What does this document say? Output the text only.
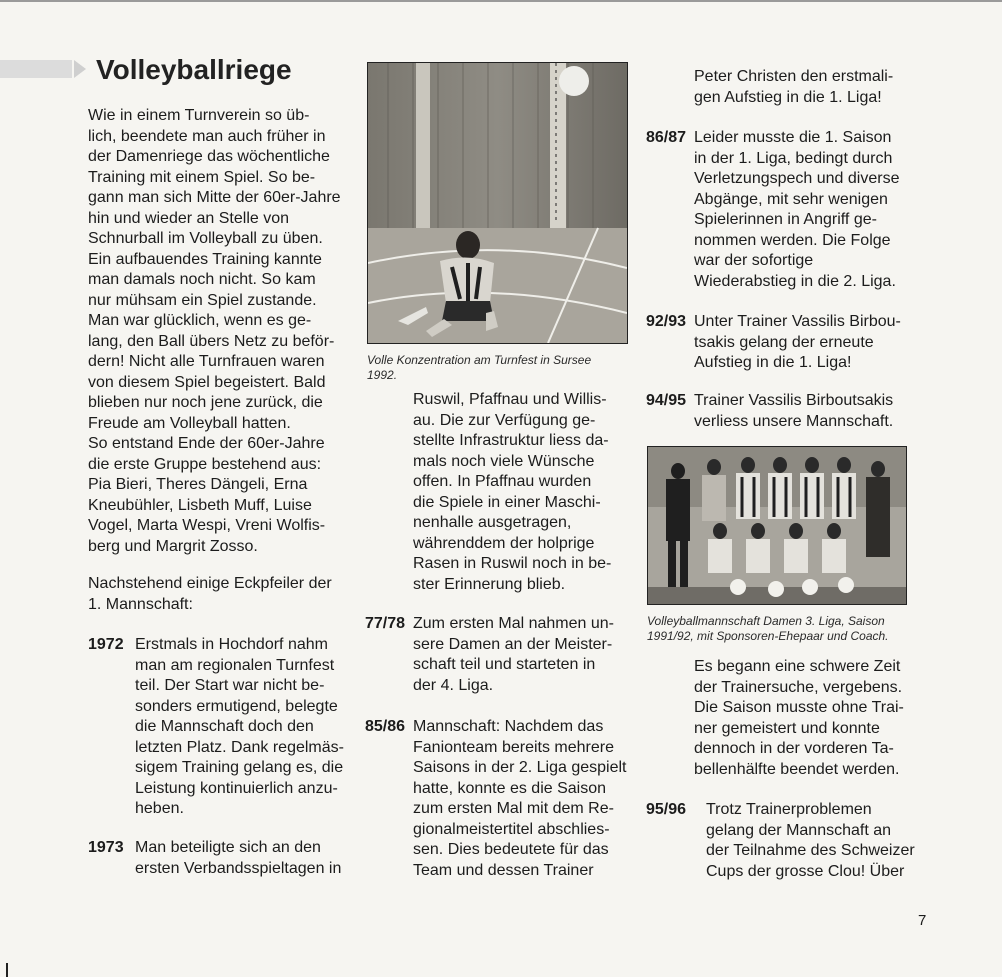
Volleyballriege

Wie in einem Turnverein so üb-
lich, beendete man auch früher in
der Damenriege das wöchentliche
Training mit einem Spiel. So be-
gann man sich Mitte der 60er-Jahre
hin und wieder an Stelle von
Schnurball im Volleyball zu üben.
Ein aufbauendes Training kannte
man damals noch nicht. So kam
nur mühsam ein Spiel zustande.
Man war glücklich, wenn es ge-
lang, den Ball übers Netz zu beför-
dern! Nicht alle Turnfrauen waren
von diesem Spiel begeistert. Bald
blieben nur noch jene zurück, die
Freude am Volleyball hatten.
So entstand Ende der 60er-Jahre
die erste Gruppe bestehend aus:
Pia Bieri, Theres Dängeli, Erna
Kneubühler, Lisbeth Muff, Luise
Vogel, Marta Wespi, Vreni Wolfis-
berg und Margrit Zosso.

Nachstehend einige Eckpfeiler der
1. Mannschaft:

1972 Erstmals in Hochdorf nahm
man am regionalen Turnfest
teil. Der Start war nicht be-
sonders ermutigend, belegte
die Mannschaft doch den
letzten Platz. Dank regelmäs-
sigem Training gelang es, die
Leistung kontinuierlich anzu-
heben.
1973 Man beteiligte sich an den
ersten Verbandsspieltagen in
Volle Konzentration am Turnfest in Sursee
1992.

Ruswil, Pfaffnau und Willis-
au. Die zur Verfügung ge-
stellte Infrastruktur liess da-
mals noch viele Wünsche
offen. In Pfaffnau wurden
die Spiele in einer Maschi-
nenhalle ausgetragen,
währenddem der holprige
Rasen in Ruswil noch in be-
ster Erinnerung blieb.

77/78 Zum ersten Mal nahmen un-
sere Damen an der Meister-
schaft teil und starteten in
der 4. Liga.
85/86 Mannschaft: Nachdem das
Fanionteam bereits mehrere
Saisons in der 2. Liga gespielt
hatte, konnte es die Saison
zum ersten Mal mit dem Re-
gionalmeistertitel abschlies-
sen. Dies bedeutete für das
Team und dessen Trainer

Peter Christen den erstmali-
gen Aufstieg in die 1. Liga!

86/87 Leider musste die 1. Saison
in der 1. Liga, bedingt durch
Verletzungspech und diverse
Abgänge, mit sehr wenigen
Spielerinnen in Angriff ge-
nommen werden. Die Folge
war der sofortige
Wiederabstieg in die 2. Liga.
92/93 Unter Trainer Vassilis Birbou-
tsakis gelang der erneute
Aufstieg in die 1. Liga!
94/95 Trainer Vassilis Birboutsakis
verliess unsere Mannschaft.
Volleyballmannschaft Damen 3. Liga, Saison
1991/92, mit Sponsoren-Ehepaar und Coach.

Es begann eine schwere Zeit
der Trainersuche, vergebens.
Die Saison musste ohne Trai-
ner gemeistert und konnte
dennoch in der vorderen Ta-
bellenhälfte beendet werden.

95/96 Trotz Trainerproblemen
gelang der Mannschaft an
der Teilnahme des Schweizer
Cups der grosse Clou! Über
7
